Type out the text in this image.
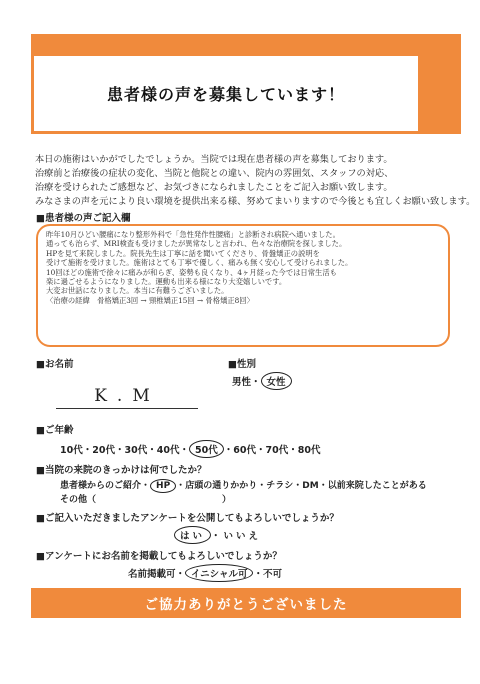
患者様の声を募集しています！
本日の施術はいかがでしたでしょうか。当院では現在患者様の声を募集しております。
治療前と治療後の症状の変化、当院と他院との違い、院内の雰囲気、スタッフの対応、
治療を受けられたご感想など、お気づきになられましたことをご記入お願い致します。
みなさまの声を元により良い環境を提供出来る様、努めてまいりますので今後とも宜しくお願い致します。
■患者様の声ご記入欄
昨年10月ひどい腰痛になり整形外科で「急性発作性腰痛」と診断され病院へ通いました。
通っても治らず、MRI検査も受けましたが異常なしと言われ、色々な治療院を探しました。
HPを見て来院しました。院長先生は丁寧に話を聞いてくださり、骨盤矯正の説明を
受けて施術を受けました。施術はとても丁寧で優しく、痛みも無く安心して受けられました。
10回ほどの施術で徐々に痛みが和らぎ、姿勢も良くなり、4ヶ月経った今では日常生活も
楽に過ごせるようになりました。運動も出来る様になり大変嬉しいです。
大変お世話になりました。本当に有難うございました。
〈治療の経緯　骨格矯正3回 → 頸椎矯正15回 → 骨格矯正8回〉
■お名前
K.M
■性別
男性・ 女性
■ご年齢
10代・20代・30代・40代・ 50代 ・60代・70代・80代
■当院の来院のきっかけは何でしたか？
患者様からのご紹介・ HP ・店頭の通りかかり・チラシ・DM・以前来院したことがある
その他（　　　　　　　　　　　　　　）
■ご記入いただきましたアンケートを公開してもよろしいでしょうか？
はい ・いいえ
■アンケートにお名前を掲載してもよろしいでしょうか？
名前掲載可・ イニシャル可 ・不可
ご協力ありがとうございました
